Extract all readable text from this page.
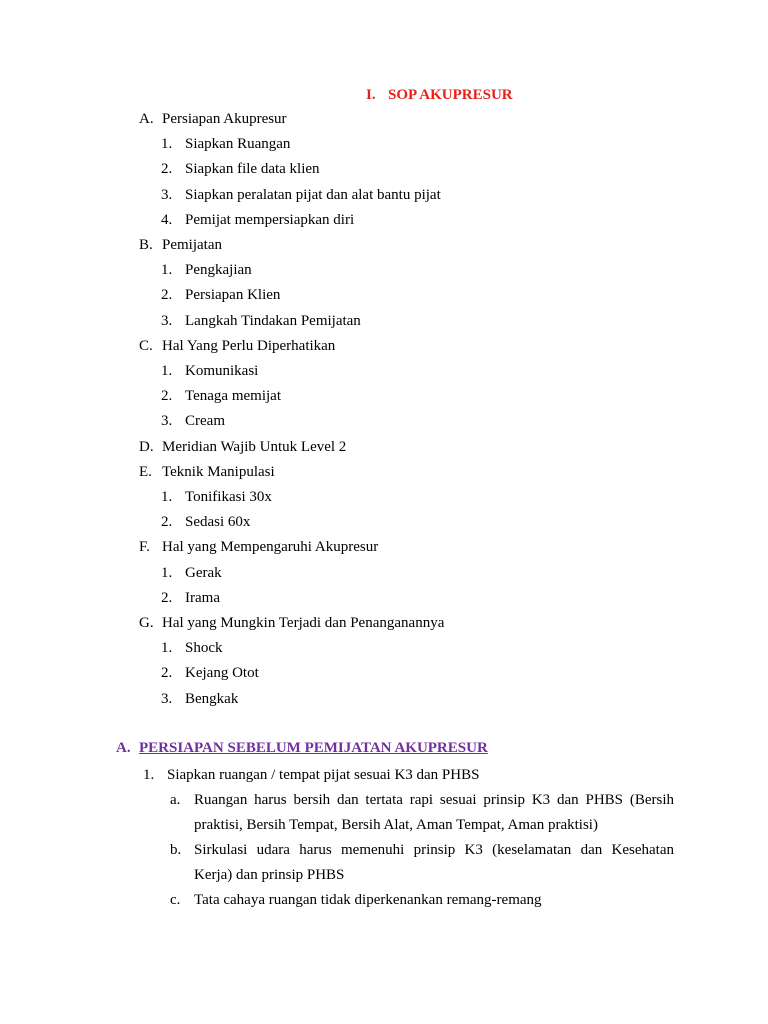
I. SOP AKUPRESUR
A. Persiapan Akupresur
1. Siapkan Ruangan
2. Siapkan file data klien
3. Siapkan peralatan pijat dan alat bantu pijat
4. Pemijat mempersiapkan diri
B. Pemijatan
1. Pengkajian
2. Persiapan Klien
3. Langkah Tindakan Pemijatan
C. Hal Yang Perlu Diperhatikan
1. Komunikasi
2. Tenaga memijat
3. Cream
D. Meridian Wajib Untuk Level 2
E. Teknik Manipulasi
1. Tonifikasi 30x
2. Sedasi 60x
F. Hal yang Mempengaruhi Akupresur
1. Gerak
2. Irama
G. Hal yang Mungkin Terjadi dan Penanganannya
1. Shock
2. Kejang Otot
3. Bengkak
A. PERSIAPAN SEBELUM PEMIJATAN AKUPRESUR
1. Siapkan ruangan / tempat pijat sesuai K3 dan PHBS
a. Ruangan harus bersih dan tertata rapi sesuai prinsip K3 dan PHBS (Bersih
praktisi, Bersih Tempat, Bersih Alat, Aman Tempat, Aman praktisi)
b. Sirkulasi udara harus memenuhi prinsip K3 (keselamatan dan Kesehatan
Kerja) dan prinsip PHBS
c. Tata cahaya ruangan tidak diperkenankan remang-remang
